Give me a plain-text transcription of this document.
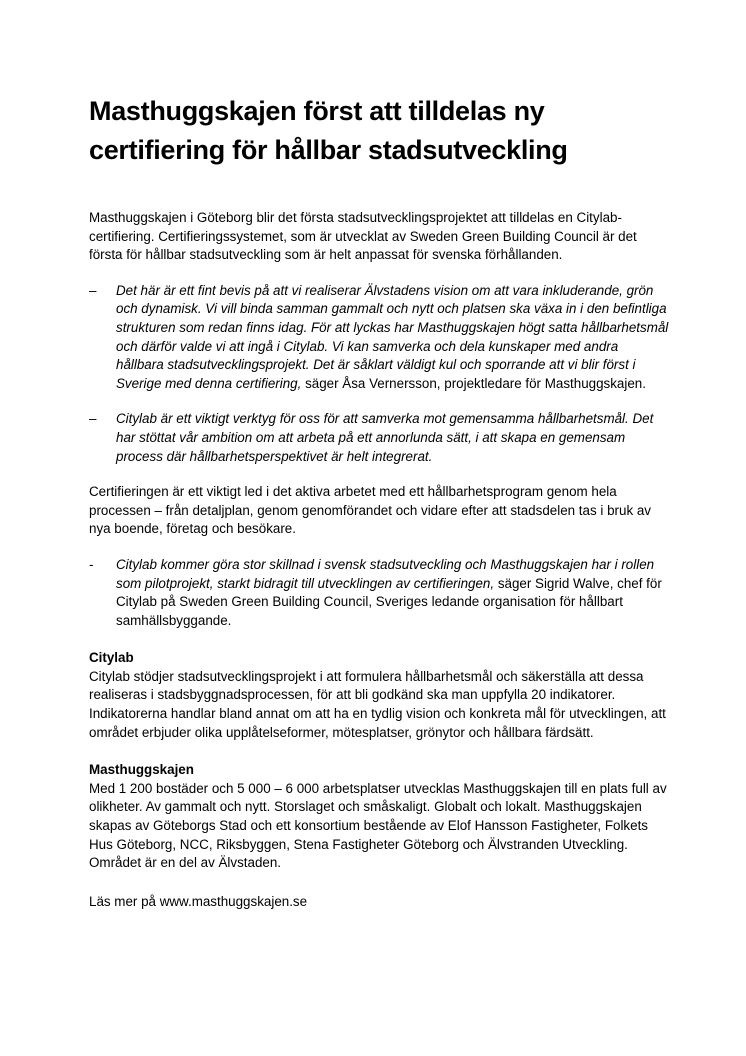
Masthuggskajen först att tilldelas ny
certifiering för hållbar stadsutveckling

Masthuggskajen i Göteborg blir det första stadsutvecklingsprojektet att tilldelas en Citylab-certifiering. Certifieringssystemet, som är utvecklat av Sweden Green Building Council är det första för hållbar stadsutveckling som är helt anpassat för svenska förhållanden.

–	Det här är ett fint bevis på att vi realiserar Älvstadens vision om att vara inkluderande, grön och dynamisk. Vi vill binda samman gammalt och nytt och platsen ska växa in i den befintliga strukturen som redan finns idag. För att lyckas har Masthuggskajen högt satta hållbarhetsmål och därför valde vi att ingå i Citylab. Vi kan samverka och dela kunskaper med andra hållbara stadsutvecklingsprojekt. Det är såklart väldigt kul och sporrande att vi blir först i Sverige med denna certifiering, säger Åsa Vernersson, projektledare för Masthuggskajen.
–	Citylab är ett viktigt verktyg för oss för att samverka mot gemensamma hållbarhetsmål. Det har stöttat vår ambition om att arbeta på ett annorlunda sätt, i att skapa en gemensam process där hållbarhetsperspektivet är helt integrerat.

Certifieringen är ett viktigt led i det aktiva arbetet med ett hållbarhetsprogram genom hela processen – från detaljplan, genom genomförandet och vidare efter att stadsdelen tas i bruk av nya boende, företag och besökare.

-	Citylab kommer göra stor skillnad i svensk stadsutveckling och Masthuggskajen har i rollen som pilotprojekt, starkt bidragit till utvecklingen av certifieringen, säger Sigrid Walve, chef för Citylab på Sweden Green Building Council, Sveriges ledande organisation för hållbart samhällsbyggande.

Citylab

Citylab stödjer stadsutvecklingsprojekt i att formulera hållbarhetsmål och säkerställa att dessa realiseras i stadsbyggnadsprocessen, för att bli godkänd ska man uppfylla 20 indikatorer. Indikatorerna handlar bland annat om att ha en tydlig vision och konkreta mål för utvecklingen, att området erbjuder olika upplåtelseformer, mötesplatser, grönytor och hållbara färdsätt.

Masthuggskajen

Med 1 200 bostäder och 5 000 – 6 000 arbetsplatser utvecklas Masthuggskajen till en plats full av olikheter. Av gammalt och nytt. Storslaget och småskaligt. Globalt och lokalt. Masthuggskajen skapas av Göteborgs Stad och ett konsortium bestående av Elof Hansson Fastigheter, Folkets Hus Göteborg, NCC, Riksbyggen, Stena Fastigheter Göteborg och Älvstranden Utveckling. Området är en del av Älvstaden.

Läs mer på www.masthuggskajen.se
